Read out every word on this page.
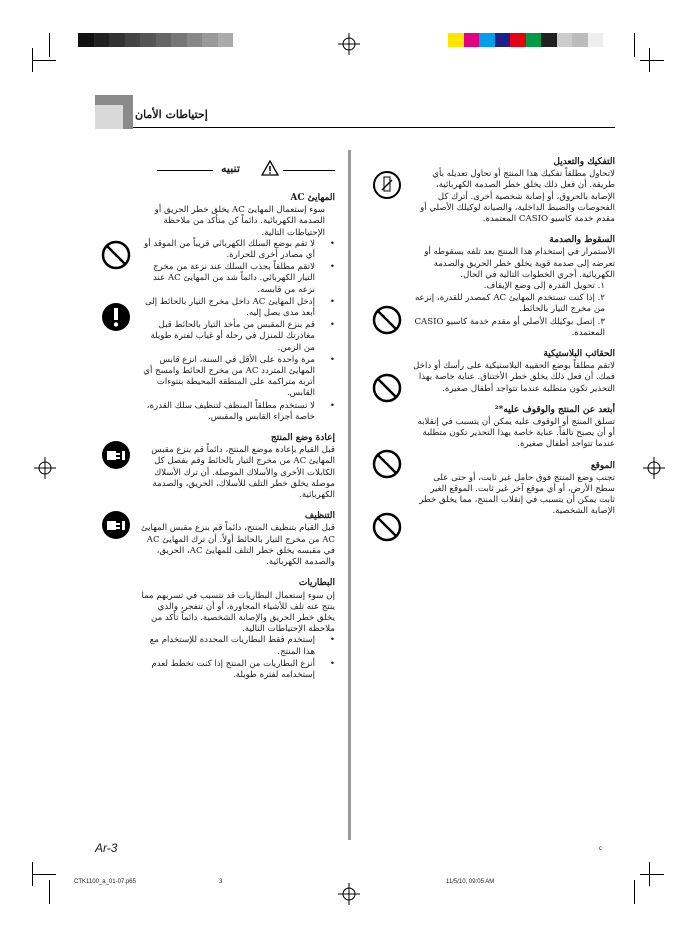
إحتياطات الأمان
تنبيه	التفكيك والتعديل

لاتحاول مطلقاً تفكيك هذا المنتج أو تحاول تعديله بأي طريقة. أن فعل ذلك يخلق خطر الصدمة الكهربائية، الإصابة بالحروق، أو إصابة شخصية أخرى. أترك كل الفحوصات والضبط الداخلية، والصيانة لوكيلك الأصلي أو مقدم خدمة كاسيو CASIO المعتمدة.

السقوط والصدمة

الأستمرار في إستخدام هذا المنتج بعد تلفه بسقوطه أو تعرضه إلى صدمة قوية يخلق خطر الحريق والصدمة الكهربائية. أجري الخطوات التالية في الحال.

١. تحويل القدرة إلى وضع الإيقاف.
٢. إذا كنت تستخدم المهايئ AC كمصدر للقدرة، إنزعه من مخرج التيار بالحائط.
٣. إتصل بوكيلك الأصلي أو مقدم خدمة كاسيو CASIO المعتمدة.
الحقائب البلاستيكية

لاتقم مطلقاً بوضع الحقيبة البلاستيكية على رأسك أو داخل فمك. أن فعل ذلك يخلق خطر الأختناق. عناية خاصة بهذا التحذير تكون متطلبة عندما تتواجد أطفال صغيرة.

أبتعد عن المنتج والوقوف عليه*²

تسلق المنتج أو الوقوف عليه يمكن أن يتسبب في إنقلابه أو أن يصبح تالفاً. عناية خاصة بهذا التحذير تكون متطلبة عندما تتواجد أطفال صغيرة.

الموقع

تجنب وضع المنتج فوق حامل غير ثابت، أو حتى على سطح الأرض، أو أي موقع آخر غير ثابت. الموقع الغير ثابت يمكن أن يتسبب في إنقلاب المنتج، مما يخلق خطر الإصابة الشخصية.

المهايئ AC

سوء إستعمال المهايئ AC يخلق خطر الحريق أو الصدمة الكهربائية. دائماً كن متأكد من ملاحظة الإحتياطات التالية.

• لا تقم بوضع السلك الكهربائي قريباً من الموقد أو أي مصادر أخرى للحرارة.
• لاتقم مطلقاً بجذب السلك عند نزعة من مخرج التيار الكهربائي. دائماً شد من المهايئ AC عند نزعه من قابسه.
• إدخل المهايئ AC داخل مخرج التيار بالحائط إلى أبعد مدى يصل إليه.
• قم بنزع المقبس من مأخذ التيار بالحائط قبل مغادرتك للمنزل في رحلة أو غياب لفترة طويلة من الزمن.
• مرة واحدة على الأقل في السنة، انزع قابس المهايئ المتردد AC من مخرج الحائط وامسح أي أتربة متراكمة على المنطقة المحيطة بتتوءات القابس.
• لا تستخدم مطلقاً المنظف لتنظيف سلك القدرة، خاصة أجزاء القابس والمقبس.
إعادة وضع المنتج

قبل القيام بإعادة موضع المنتج، دائماً قم بنزع مقبس المهايئ AC من مخرج التيار بالحائط وقم بفصل كل الكابلات الأخرى والأسلاك الموصلة. أن ترك الأسلاك موصلة يخلق خطر التلف للأسلاك، الحريق، والصدمة الكهربائية.

التنظيف

قبل القيام بتنظيف المنتج، دائماً قم بنزع مقبس المهايئ AC من مخرج التيار بالحائط أولاً. أن ترك المهايئ AC في مقبسه يخلق خطر التلف للمهايئ AC، الحريق، والصدمة الكهربائية.

البطاريات

إن سوء إستعمال البطاريات قد تتسبب في تسربهم مما ينتج عنه تلف للأشياء المجاورة، أو أن تنفجر، والذي يخلق خطر الحريق والإصابة الشخصية. دائماً تأكد من ملاحظة الإحتياطات التالية.

• إستخدم فقط البطاريات المحددة للإستخدام مع هذا المنتج.
• أنزع البطاريات من المنتج إذا كنت تخطط لعدم إستخدامه لفترة طويلة.
Ar-3	c
CTK1100_a_01-07.p65	3	11/5/10, 09:05 AM
